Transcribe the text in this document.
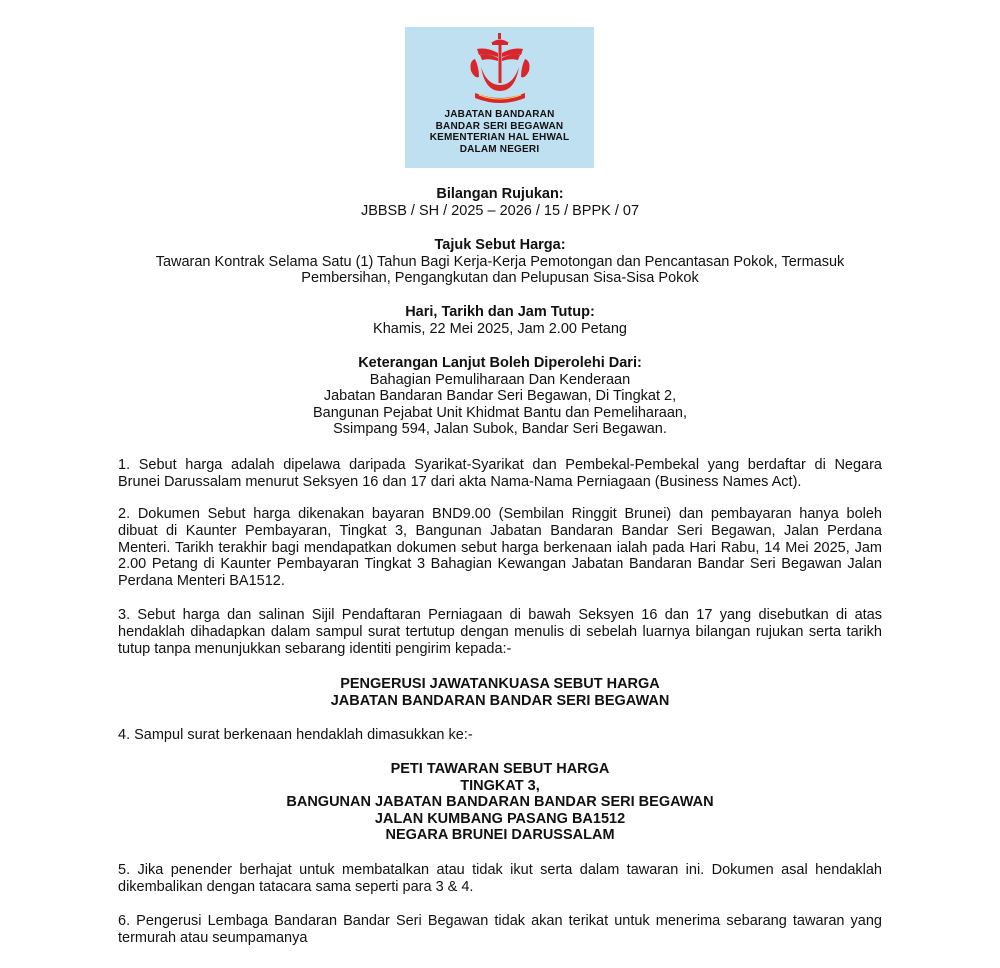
JABATAN BANDARAN
BANDAR SERI BEGAWAN
KEMENTERIAN HAL EHWAL
DALAM NEGERI
Bilangan Rujukan:
JBBSB / SH / 2025 – 2026 / 15 / BPPK / 07
Tajuk Sebut Harga:
Tawaran Kontrak Selama Satu (1) Tahun Bagi Kerja-Kerja Pemotongan dan Pencantasan Pokok, Termasuk
Pembersihan, Pengangkutan dan Pelupusan Sisa-Sisa Pokok
Hari, Tarikh dan Jam Tutup:
Khamis, 22 Mei 2025, Jam 2.00 Petang
Keterangan Lanjut Boleh Diperolehi Dari:
Bahagian Pemuliharaan Dan Kenderaan
Jabatan Bandaran Bandar Seri Begawan, Di Tingkat 2,
Bangunan Pejabat Unit Khidmat Bantu dan Pemeliharaan,
Ssimpang 594, Jalan Subok, Bandar Seri Begawan.
1. Sebut harga adalah dipelawa daripada Syarikat-Syarikat dan Pembekal-Pembekal yang berdaftar di Negara
Brunei Darussalam menurut Seksyen 16 dan 17 dari akta Nama-Nama Perniagaan (Business Names Act).
2. Dokumen Sebut harga dikenakan bayaran BND9.00 (Sembilan Ringgit Brunei) dan pembayaran hanya boleh
dibuat di Kaunter Pembayaran, Tingkat 3, Bangunan Jabatan Bandaran Bandar Seri Begawan, Jalan Perdana
Menteri. Tarikh terakhir bagi mendapatkan dokumen sebut harga berkenaan ialah pada Hari Rabu, 14 Mei 2025, Jam
2.00 Petang di Kaunter Pembayaran Tingkat 3 Bahagian Kewangan Jabatan Bandaran Bandar Seri Begawan Jalan
Perdana Menteri BA1512.
3. Sebut harga dan salinan Sijil Pendaftaran Perniagaan di bawah Seksyen 16 dan 17 yang disebutkan di atas
hendaklah dihadapkan dalam sampul surat tertutup dengan menulis di sebelah luarnya bilangan rujukan serta tarikh
tutup tanpa menunjukkan sebarang identiti pengirim kepada:-
PENGERUSI JAWATANKUASA SEBUT HARGA
JABATAN BANDARAN BANDAR SERI BEGAWAN
4. Sampul surat berkenaan hendaklah dimasukkan ke:-
PETI TAWARAN SEBUT HARGA
TINGKAT 3,
BANGUNAN JABATAN BANDARAN BANDAR SERI BEGAWAN
JALAN KUMBANG PASANG BA1512
NEGARA BRUNEI DARUSSALAM
5. Jika penender berhajat untuk membatalkan atau tidak ikut serta dalam tawaran ini. Dokumen asal hendaklah
dikembalikan dengan tatacara sama seperti para 3 & 4.
6. Pengerusi Lembaga Bandaran Bandar Seri Begawan tidak akan terikat untuk menerima sebarang tawaran yang
termurah atau seumpamanya
